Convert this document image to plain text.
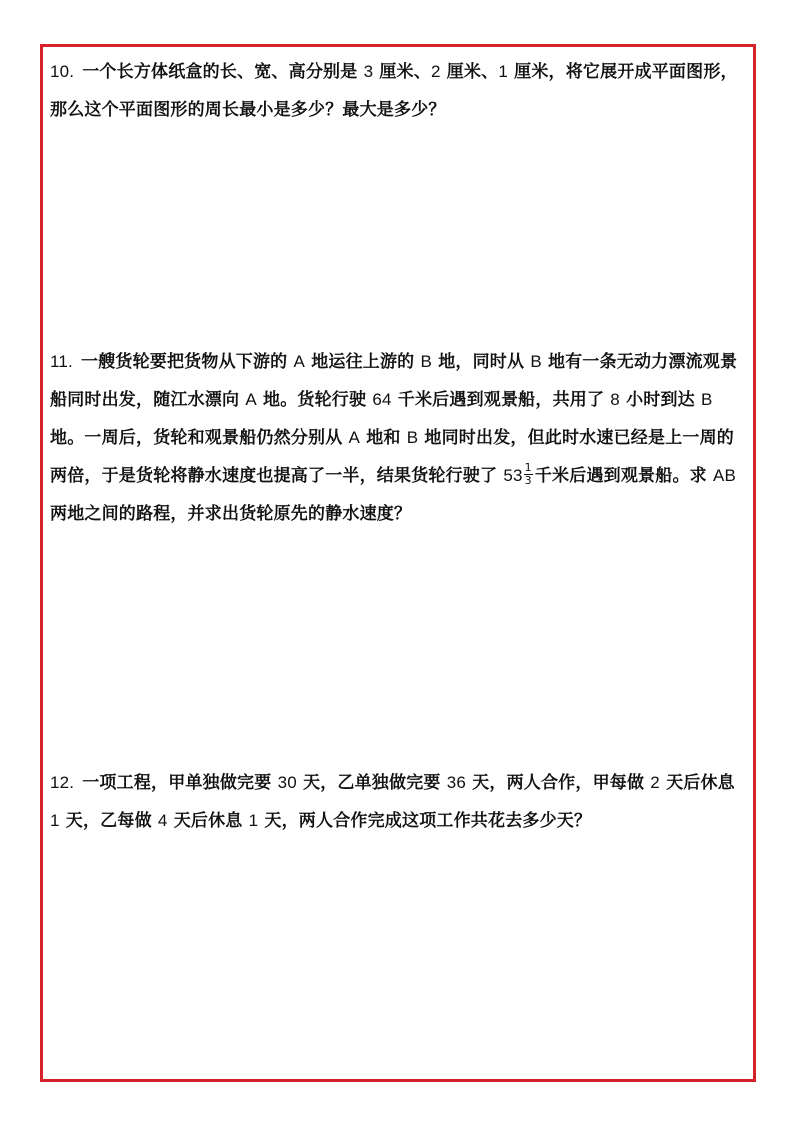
10. 一个长方体纸盒的长、宽、高分别是 3 厘米、2 厘米、1 厘米，将它展开成平面图形，那么这个平面图形的周长最小是多少？最大是多少？
11. 一艘货轮要把货物从下游的 A 地运往上游的 B 地，同时从 B 地有一条无动力漂流观景船同时出发，随江水漂向 A 地。货轮行驶 64 千米后遇到观景船，共用了 8 小时到达 B 地。一周后，货轮和观景船仍然分别从 A 地和 B 地同时出发，但此时水速已经是上一周的两倍，于是货轮将静水速度也提高了一半，结果货轮行驶了 $53 \frac{1}{3}$ 千米后遇到观景船。求 AB 两地之间的路程，并求出货轮原先的静水速度？
12. 一项工程，甲单独做完要 30 天，乙单独做完要 36 天，两人合作，甲每做 2 天后休息 1 天，乙每做 4 天后休息 1 天，两人合作完成这项工作共花去多少天？
